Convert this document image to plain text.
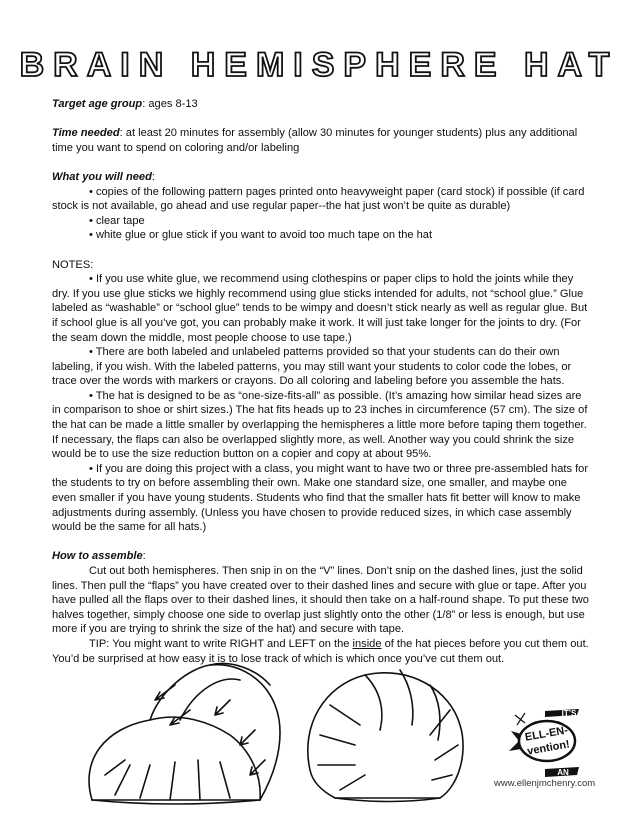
BRAIN HEMISPHERE HAT

Target age group: ages 8-13

Time needed: at least 20 minutes for assembly (allow 30 minutes for younger students) plus any additional time you want to spend on coloring and/or labeling

What you will need:

• copies of the following pattern pages printed onto heavyweight paper (card stock) if possible (if card stock is not available, go ahead and use regular paper--the hat just won’t be quite as durable)

• clear tape

• white glue or glue stick if you want to avoid too much tape on the hat

NOTES:

• If you use white glue, we recommend using clothespins or paper clips to hold the joints while they dry. If you use glue sticks we highly recommend using glue sticks intended for adults, not “school glue.” Glue labeled as “washable” or “school glue” tends to be wimpy and doesn’t stick nearly as well as regular glue. But if school glue is all you’ve got, you can probably make it work. It will just take longer for the joints to dry. (For the seam down the middle, most people choose to use tape.)

• There are both labeled and unlabeled patterns provided so that your students can do their own labeling, if you wish. With the labeled patterns, you may still want your students to color code the lobes, or trace over the words with markers or crayons. Do all coloring and labeling before you assemble the hats.

• The hat is designed to be as “one-size-fits-all” as possible. (It’s amazing how similar head sizes are in comparison to shoe or shirt sizes.) The hat fits heads up to 23 inches in circumference (57 cm). The size of the hat can be made a little smaller by overlapping the hemispheres a little more before taping them together. If necessary, the flaps can also be overlapped slightly more, as well. Another way you could shrink the size would be to use the size reduction button on a copier and copy at about 95%.

• If you are doing this project with a class, you might want to have two or three pre-assembled hats for the students to try on before assembling their own. Make one standard size, one smaller, and maybe one even smaller if you have young students. Students who find that the smaller hats fit better will know to make adjustments during assembly. (Unless you have chosen to provide reduced sizes, in which case assembly would be the same for all hats.)

How to assemble:

Cut out both hemispheres. Then snip in on the “V” lines. Don’t snip on the dashed lines, just the solid lines. Then pull the “flaps” you have created over to their dashed lines and secure with glue or tape. After you have pulled all the flaps over to their dashed lines, it should then take on a half-round shape. To put these two halves together, simply choose one side to overlap just slightly onto the other (1/8” or less is enough, but use more if you are trying to shrink the size of the hat) and secure with tape.

TIP: You might want to write RIGHT and LEFT on the inside of the hat pieces before you cut them out. You’d be surprised at how easy it is to lose track of which is which once you’ve cut them out.

IT’S
ELL-EN-
vention!
AN
www.ellenjmchenry.com
